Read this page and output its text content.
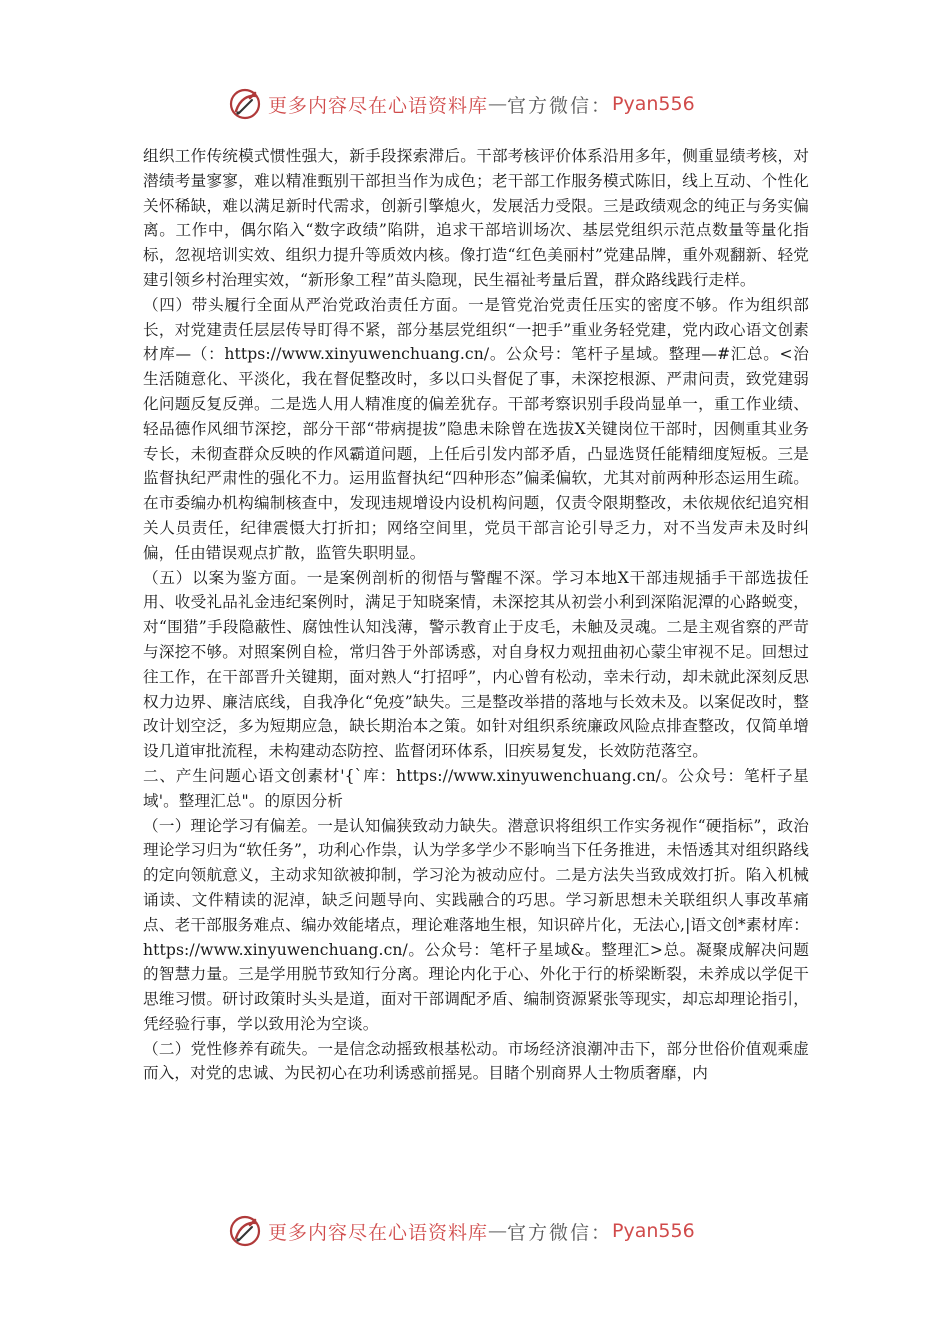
更多内容尽在心语资料库 — 官方微信： Pyan556

组织工作传统模式惯性强大，新手段探索滞后。干部考核评价体系沿用多年，侧重显绩考核，对潜绩考量寥寥，难以精准甄别干部担当作为成色；老干部工作服务模式陈旧，线上互动、个性化关怀稀缺，难以满足新时代需求，创新引擎熄火，发展活力受限。三是政绩观念的纯正与务实偏离。工作中，偶尔陷入“数字政绩”陷阱，追求干部培训场次、基层党组织示范点数量等量化指标，忽视培训实效、组织力提升等质效内核。像打造“红色美丽村”党建品牌，重外观翻新、轻党建引领乡村治理实效，“新形象工程”苗头隐现，民生福祉考量后置，群众路线践行走样。

（四）带头履行全面从严治党政治责任方面。一是管党治党责任压实的密度不够。作为组织部长，对党建责任层层传导盯得不紧，部分基层党组织“一把手”重业务轻党建，党内政心语文创素材库—（：https://www.xinyuwenchuang.cn/。公众号：笔杆子星域。整理—#汇总。<治生活随意化、平淡化，我在督促整改时，多以口头督促了事，未深挖根源、严肃问责，致党建弱化问题反复反弹。二是选人用人精准度的偏差犹存。干部考察识别手段尚显单一，重工作业绩、轻品德作风细节深挖，部分干部“带病提拔”隐患未除曾在选拔X关键岗位干部时，因侧重其业务专长，未彻查群众反映的作风霸道问题，上任后引发内部矛盾，凸显选贤任能精细度短板。三是监督执纪严肃性的强化不力。运用监督执纪“四种形态”偏柔偏软，尤其对前两种形态运用生疏。在市委编办机构编制核查中，发现违规增设内设机构问题，仅责令限期整改，未依规依纪追究相关人员责任，纪律震慑大打折扣；网络空间里，党员干部言论引导乏力，对不当发声未及时纠偏，任由错误观点扩散，监管失职明显。

（五）以案为鉴方面。一是案例剖析的彻悟与警醒不深。学习本地X干部违规插手干部选拔任用、收受礼品礼金违纪案例时，满足于知晓案情，未深挖其从初尝小利到深陷泥潭的心路蜕变，对“围猎”手段隐蔽性、腐蚀性认知浅薄，警示教育止于皮毛，未触及灵魂。二是主观省察的严苛与深挖不够。对照案例自检，常归咎于外部诱惑，对自身权力观扭曲初心蒙尘审视不足。回想过往工作，在干部晋升关键期，面对熟人“打招呼”，内心曾有松动，幸未行动，却未就此深刻反思权力边界、廉洁底线，自我净化“免疫”缺失。三是整改举措的落地与长效未及。以案促改时，整改计划空泛，多为短期应急，缺长期治本之策。如针对组织系统廉政风险点排查整改，仅简单增设几道审批流程，未构建动态防控、监督闭环体系，旧疾易复发，长效防范落空。

二、产生问题心语文创素材'{`库：https://www.xinyuwenchuang.cn/。公众号：笔杆子星域'。整理汇总"。的原因分析

（一）理论学习有偏差。一是认知偏狭致动力缺失。潜意识将组织工作实务视作“硬指标”，政治理论学习归为“软任务”，功利心作祟，认为学多学少不影响当下任务推进，未悟透其对组织路线的定向领航意义，主动求知欲被抑制，学习沦为被动应付。二是方法失当致成效打折。陷入机械诵读、文件精读的泥淖，缺乏问题导向、实践融合的巧思。学习新思想未关联组织人事改革痛点、老干部服务难点、编办效能堵点，理论难落地生根，知识碎片化，无法心,|语文创*素材库：https://www.xinyuwenchuang.cn/。公众号：笔杆子星域&。整理汇>总。凝聚成解决问题的智慧力量。三是学用脱节致知行分离。理论内化于心、外化于行的桥梁断裂，未养成以学促干思维习惯。研讨政策时头头是道，面对干部调配矛盾、编制资源紧张等现实，却忘却理论指引，凭经验行事，学以致用沦为空谈。

（二）党性修养有疏失。一是信念动摇致根基松动。市场经济浪潮冲击下，部分世俗价值观乘虚而入，对党的忠诚、为民初心在功利诱惑前摇晃。目睹个别商界人士物质奢靡，内

更多内容尽在心语资料库 — 官方微信： Pyan556
